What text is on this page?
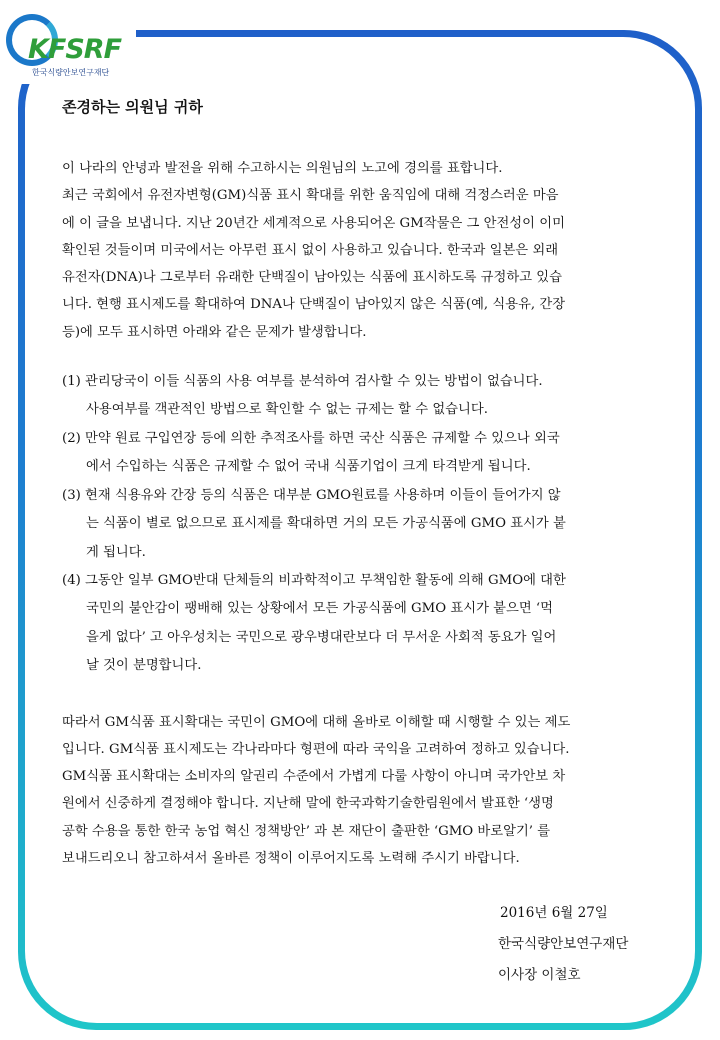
KFSRF
한국식량안보연구재단

존경하는 의원님 귀하

이 나라의 안녕과 발전을 위해 수고하시는 의원님의 노고에 경의를 표합니다.

최근 국회에서 유전자변형(GM)식품 표시 확대를 위한 움직임에 대해 걱정스러운 마음

에 이 글을 보냅니다. 지난 20년간 세계적으로 사용되어온 GM작물은 그 안전성이 이미

확인된 것들이며 미국에서는 아무런 표시 없이 사용하고 있습니다. 한국과 일본은 외래

유전자(DNA)나 그로부터 유래한 단백질이 남아있는 식품에 표시하도록 규정하고 있습

니다. 현행 표시제도를 확대하여 DNA나 단백질이 남아있지 않은 식품(예, 식용유, 간장

등)에 모두 표시하면 아래와 같은 문제가 발생합니다.

(1) 관리당국이 이들 식품의 사용 여부를 분석하여 검사할 수 있는 방법이 없습니다.

사용여부를 객관적인 방법으로 확인할 수 없는 규제는 할 수 없습니다.

(2) 만약 원료 구입연장 등에 의한 추적조사를 하면 국산 식품은 규제할 수 있으나 외국

에서 수입하는 식품은 규제할 수 없어 국내 식품기업이 크게 타격받게 됩니다.

(3) 현재 식용유와 간장 등의 식품은 대부분 GMO원료를 사용하며 이들이 들어가지 않

는 식품이 별로 없으므로 표시제를 확대하면 거의 모든 가공식품에 GMO 표시가 붙

게 됩니다.

(4) 그동안 일부 GMO반대 단체들의 비과학적이고 무책임한 활동에 의해 GMO에 대한

국민의 불안감이 팽배해 있는 상황에서 모든 가공식품에 GMO 표시가 붙으면 ‘먹

을게 없다’ 고 아우성치는 국민으로 광우병대란보다 더 무서운 사회적 동요가 일어

날 것이 분명합니다.

따라서 GM식품 표시확대는 국민이 GMO에 대해 올바로 이해할 때 시행할 수 있는 제도

입니다. GM식품 표시제도는 각나라마다 형편에 따라 국익을 고려하여 정하고 있습니다.

GM식품 표시확대는 소비자의 알권리 수준에서 가볍게 다룰 사항이 아니며 국가안보 차

원에서 신중하게 결정해야 합니다. 지난해 말에 한국과학기술한림원에서 발표한 ‘생명

공학 수용을 통한 한국 농업 혁신 정책방안’ 과 본 재단이 출판한 ‘GMO 바로알기’ 를

보내드리오니 참고하셔서 올바른 정책이 이루어지도록 노력해 주시기 바랍니다.

2016년 6월 27일
한국식량안보연구재단
이사장 이철호
